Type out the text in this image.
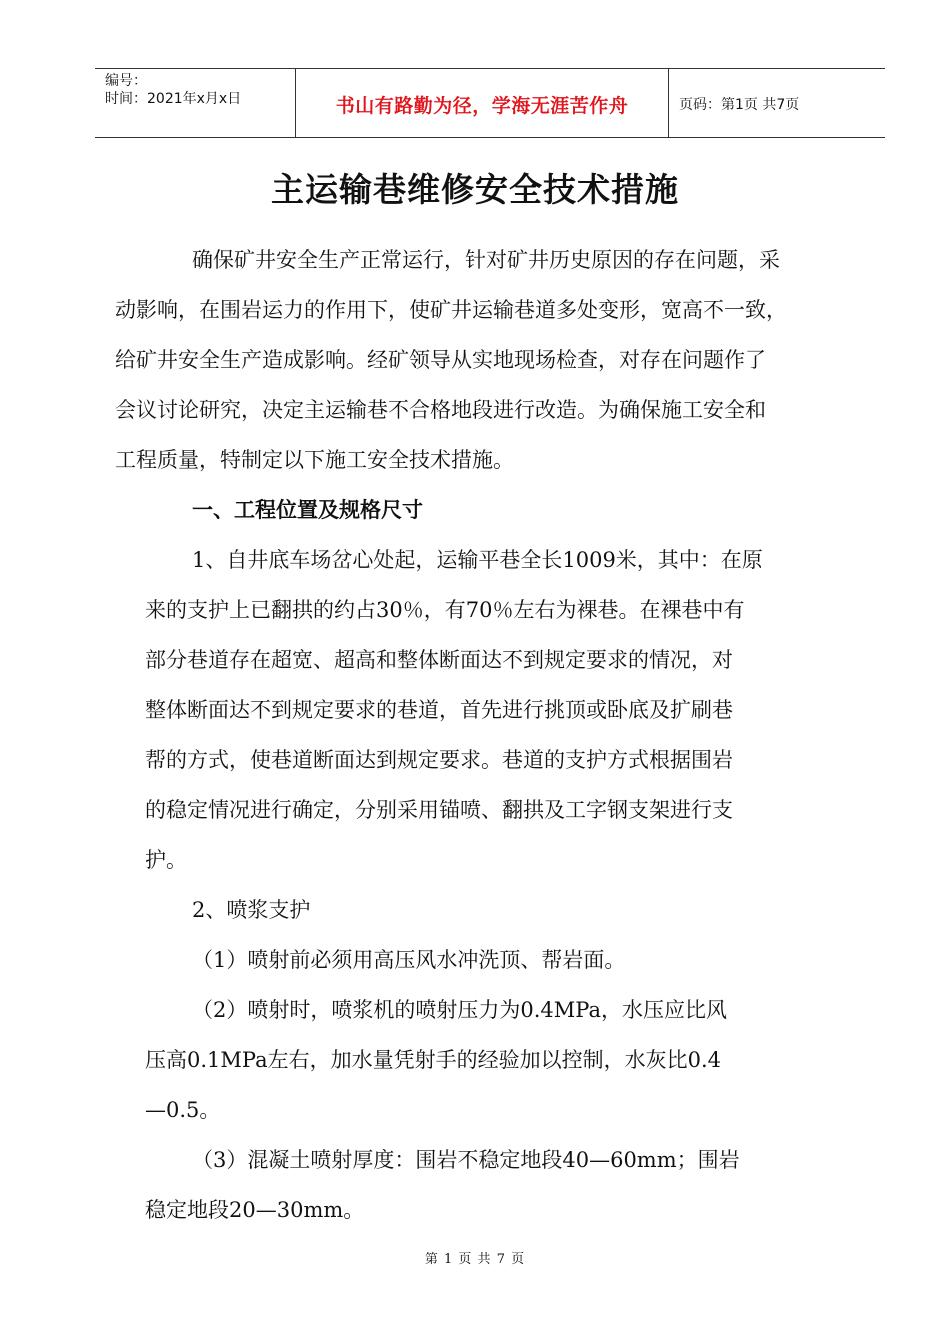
编号：
时间：2021年x月x日	书山有路勤为径，学海无涯苦作舟	页码：第1页 共7页
主运输巷维修安全技术措施
确保矿井安全生产正常运行，针对矿井历史原因的存在问题，采
动影响，在围岩运力的作用下，使矿井运输巷道多处变形，宽高不一致，
给矿井安全生产造成影响。经矿领导从实地现场检查，对存在问题作了
会议讨论研究，决定主运输巷不合格地段进行改造。为确保施工安全和
工程质量，特制定以下施工安全技术措施。
一、工程位置及规格尺寸
1、自井底车场岔心处起，运输平巷全长1009米，其中：在原
来的支护上已翻拱的约占30％，有70％左右为裸巷。在裸巷中有
部分巷道存在超宽、超高和整体断面达不到规定要求的情况，对
整体断面达不到规定要求的巷道，首先进行挑顶或卧底及扩刷巷
帮的方式，使巷道断面达到规定要求。巷道的支护方式根据围岩
的稳定情况进行确定，分别采用锚喷、翻拱及工字钢支架进行支
护。
2、喷浆支护
（1）喷射前必须用高压风水冲洗顶、帮岩面。
（2）喷射时，喷浆机的喷射压力为0.4MPa，水压应比风
压高0.1MPa左右，加水量凭射手的经验加以控制，水灰比0.4
—0.5。
（3）混凝土喷射厚度：围岩不稳定地段40—60mm；围岩
稳定地段20—30mm。
第 1 页 共 7 页
